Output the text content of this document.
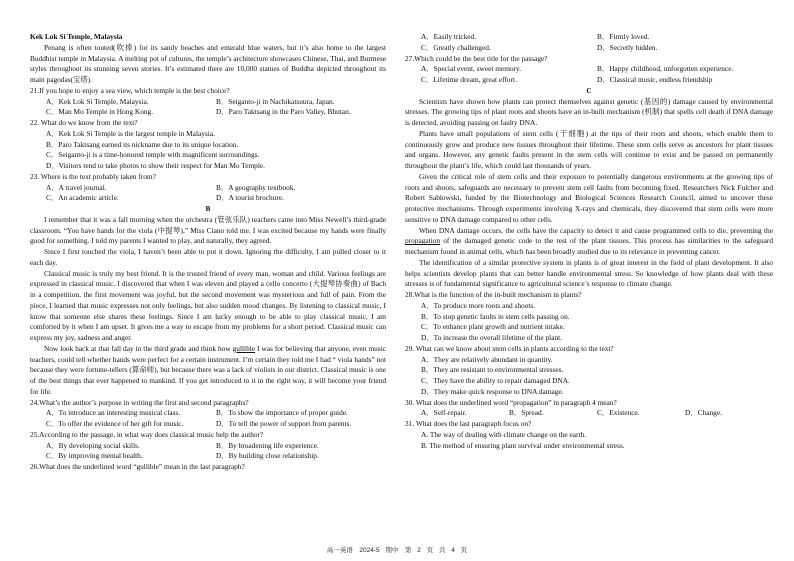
Kek Lok Si Temple, Malaysia

Penang is often touted(吹捧) for its sandy beaches and emerald blue waters, but it’s also home to the largest Buddhist temple in Malaysia. A melting pot of cultures, the temple’s architecture showcases Chinese, Thai, and Burmese styles throughout its stunning seven stories. It’s estimated there are 10,000 statues of Buddha depicted throughout its main pagodas(宝塔).

21.If you hope to enjoy a sea view, which temple is the best choice?

A．Kek Lok Si Temple, Malaysia.	B．Seiganto-ji in Nachikatsuura, Japan.
C．Man Mo Temple in Hong Kong.	D．Paro Taktsang in the Paro Valley, Bhutan.

22. What do we know from the text?

A．Kek Lok Si Temple is the largest temple in Malaysia.
B．Paro Taktsang earned its nickname due to its unique location.
C．Seiganto-ji is a time-honored temple with magnificent surroundings.
D．Visitors tend to take photos to show their respect for Man Mo Temple.

23. Where is the text probably taken from?

A．A travel journal.	B．A geography textbook.
C．An academic article.	D．A tourist brochure.

B

I remember that it was a fall morning when the orchestra (管弦乐队) teachers came into Miss Newell’s third-grade classroom. “You have hands for the viola (中提琴),” Miss Ciano told me. I was excited because my hands were finally good for something. I told my parents I wanted to play, and naturally, they agreed.

Since I first touched the viola, I haven’t been able to put it down. Ignoring the difficulty, I am pulled closer to it each day.

Classical music is truly my best friend. It is the trusted friend of every man, woman and child. Various feelings are expressed in classical music. I discovered that when I was eleven and played a cello concerto (大提琴协奏曲) of Bach in a competition, the first movement was joyful, but the second movement was mysterious and full of pain. From the piece, I learned that music expresses not only feelings, but also sudden mood changes. By listening to classical music, I know that someone else shares these feelings. Since I am lucky enough to be able to play classical music, I am comforted by it when I am upset. It gives me a way to escape from my problems for a short period. Classical music can express my joy, sadness and anger.

Now look back at that fall day in the third grade and think how gullible I was for believing that anyone, even music teachers, could tell whether hands were perfect for a certain instrument. I’m certain they told me I had “ viola hands” not because they were fortune-tellers (算命师), but because there was a lack of violists in our district. Classical music is one of the best things that ever happened to mankind. If you get introduced to it in the right way, it will become your friend for life.

24.What’s the author’s purpose in writing the first and second paragraphs?

A．To introduce an interesting musical class.	B．To show the importance of proper guide.
C．To offer the evidence of her gift for music.	D．To tell the power of support from parents.

25.According to the passage, in what way does classical music help the author?

A．By developing social skills.	B．By broadening life experience.
C．By improving mental health.	D．By building close relationship.

26.What does the underlined word “gullible” mean in the last paragraph?

A．Easily tricked.	B．Firmly loved.
C．Greatly challenged.	D．Secretly hidden.

27.Which could be the best title for the passage?

A．Special event, sweet memory.	B．Happy childhood, unforgotten experience.
C．Lifetime dream, great effort.	D．Classical music, endless friendship

C

Scientists have shown how plants can protect themselves against genetic (基因的) damage caused by environmental stresses. The growing tips of plant roots and shoots have an in-built mechanism (机制) that spells cell death if DNA damage is detected, avoiding passing on faulty DNA.

Plants have small populations of stem cells (干细胞) at the tips of their roots and shoots, which enable them to continuously grow and produce new tissues throughout their lifetime. These stem cells serve as ancestors for plant tissues and organs. However, any genetic faults present in the stem cells will continue to exist and be passed on permanently throughout the plant’s life, which could last thousands of years.

Given the critical role of stem cells and their exposure to potentially dangerous environments at the growing tips of roots and shoots, safeguards are necessary to prevent stem cell faults from becoming fixed. Researchers Nick Fulcher and Robert Sablowski, funded by the Biotechnology and Biological Sciences Research Council, aimed to uncover these protective mechanisms. Through experiments involving X-rays and chemicals, they discovered that stem cells were more sensitive to DNA damage compared to other cells.

When DNA damage occurs, the cells have the capacity to detect it and cause programmed cells to die, preventing the propagation of the damaged genetic code to the rest of the plant tissues. This process has similarities to the safeguard mechanism found in animal cells, which has been broadly studied due to its relevance in preventing cancer.

The identification of a similar protective system in plants is of great interest in the field of plant development. It also helps scientists develop plants that can better handle environmental stress. So knowledge of how plants deal with these stresses is of fundamental significance to agricultural science’s response to climate change.

28.What is the function of the in-built mechanism in plants?

A．To produce more roots and shoots.
B．To stop genetic faults in stem cells passing on.
C．To enhance plant growth and nutrient intake.
D．To increase the overall lifetime of the plant.

29. What can we know about stem cells in plants according to the text?

A．They are relatively abundant in quantity.
B．They are resistant to environmental stresses.
C．They have the ability to repair damaged DNA.
D．They make quick response to DNA damage.

30. What does the underlined word “propagation” in paragraph 4 mean?

A．Self-repair.	B．Spread.	C．Existence.	D．Change.

31. What does the last paragraph focus on?

A. The way of dealing with climate change on the earth.
B. The method of ensuring plant survival under environmental stress.
高一英语　2024-5 期中　第 2 页 共 4 页
